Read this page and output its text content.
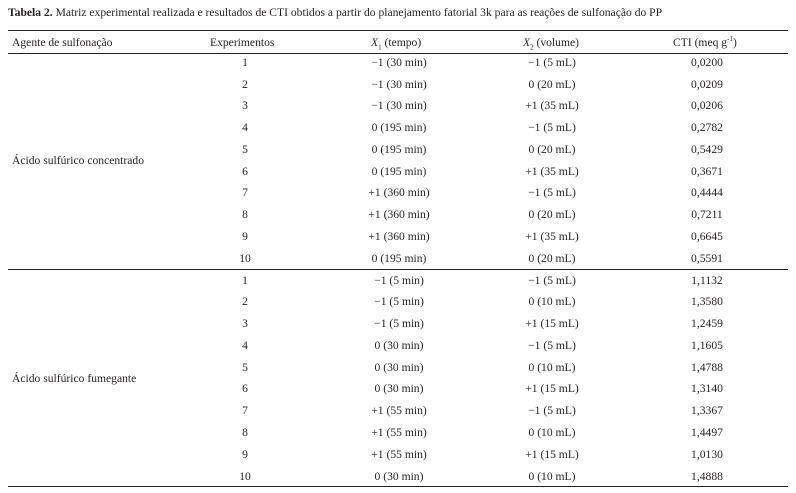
Tabela 2. Matriz experimental realizada e resultados de CTI obtidos a partir do planejamento fatorial 3k para as reações de sulfonação do PP
Agente de sulfonação	Experimentos	$X_1$ (tempo)	$X_2$ (volume)	CTI (meq $g^{-1}$)
Ácido sulfúrico concentrado
1	−1 (30 min)	−1 (5 mL)	0,0200
2	−1 (30 min)	0 (20 mL)	0,0209
3	−1 (30 min)	+1 (35 mL)	0,0206
4	0 (195 min)	−1 (5 mL)	0,2782
5	0 (195 min)	0 (20 mL)	0,5429
6	0 (195 min)	+1 (35 mL)	0,3671
7	+1 (360 min)	−1 (5 mL)	0,4444
8	+1 (360 min)	0 (20 mL)	0,7211
9	+1 (360 min)	+1 (35 mL)	0,6645
10	0 (195 min)	0 (20 mL)	0,5591
Ácido sulfúrico fumegante
1	−1 (5 min)	−1 (5 mL)	1,1132
2	−1 (5 min)	0 (10 mL)	1,3580
3	−1 (5 min)	+1 (15 mL)	1,2459
4	0 (30 min)	−1 (5 mL)	1,1605
5	0 (30 min)	0 (10 mL)	1,4788
6	0 (30 min)	+1 (15 mL)	1,3140
7	+1 (55 min)	−1 (5 mL)	1,3367
8	+1 (55 min)	0 (10 mL)	1,4497
9	+1 (55 min)	+1 (15 mL)	1,0130
10	0 (30 min)	0 (10 mL)	1,4888
